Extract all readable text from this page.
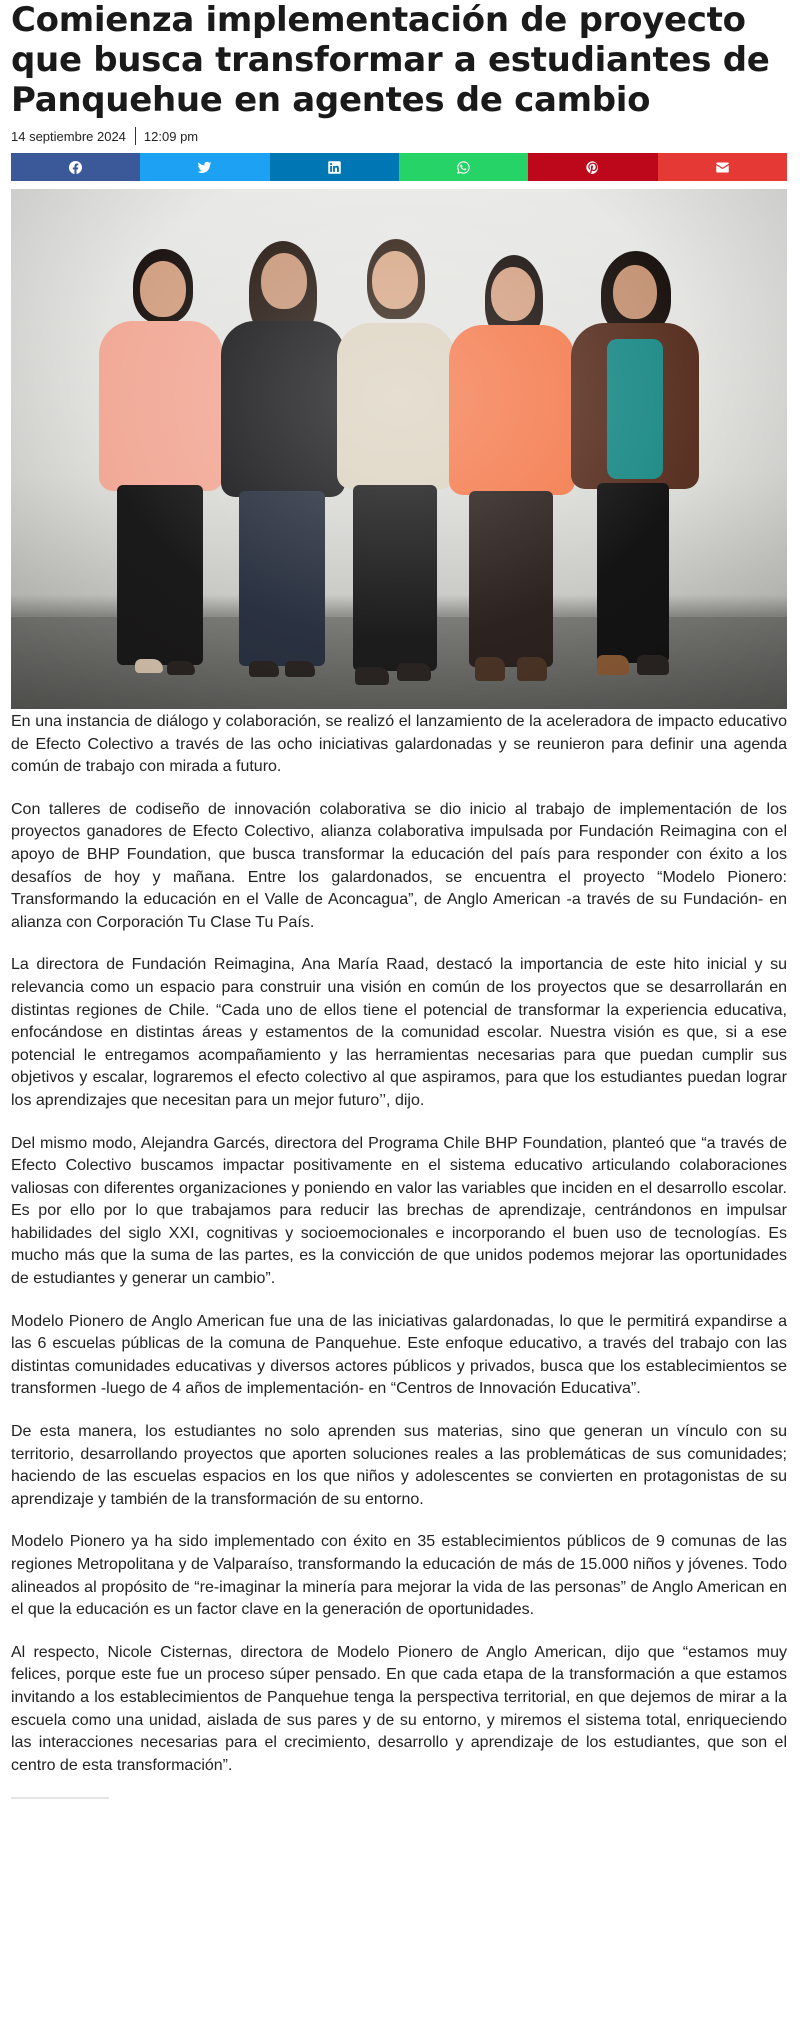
Comienza implementación de proyecto que busca transformar a estudiantes de Panquehue en agentes de cambio
14 septiembre 2024 12:09 pm

En una instancia de diálogo y colaboración, se realizó el lanzamiento de la aceleradora de impacto educativo de Efecto Colectivo a través de las ocho iniciativas galardonadas y se reunieron para definir una agenda común de trabajo con mirada a futuro.

Con talleres de codiseño de innovación colaborativa se dio inicio al trabajo de implementación de los proyectos ganadores de Efecto Colectivo, alianza colaborativa impulsada por Fundación Reimagina con el apoyo de BHP Foundation, que busca transformar la educación del país para responder con éxito a los desafíos de hoy y mañana. Entre los galardonados, se encuentra el proyecto “Modelo Pionero: Transformando la educación en el Valle de Aconcagua”, de Anglo American -a través de su Fundación- en alianza con Corporación Tu Clase Tu País.

La directora de Fundación Reimagina, Ana María Raad, destacó la importancia de este hito inicial y su relevancia como un espacio para construir una visión en común de los proyectos que se desarrollarán en distintas regiones de Chile. “Cada uno de ellos tiene el potencial de transformar la experiencia educativa, enfocándose en distintas áreas y estamentos de la comunidad escolar. Nuestra visión es que, si a ese potencial le entregamos acompañamiento y las herramientas necesarias para que puedan cumplir sus objetivos y escalar, lograremos el efecto colectivo al que aspiramos, para que los estudiantes puedan lograr los aprendizajes que necesitan para un mejor futuro’’, dijo.

Del mismo modo, Alejandra Garcés, directora del Programa Chile BHP Foundation, planteó que “a través de Efecto Colectivo buscamos impactar positivamente en el sistema educativo articulando colaboraciones valiosas con diferentes organizaciones y poniendo en valor las variables que inciden en el desarrollo escolar. Es por ello por lo que trabajamos para reducir las brechas de aprendizaje, centrándonos en impulsar habilidades del siglo XXI, cognitivas y socioemocionales e incorporando el buen uso de tecnologías. Es mucho más que la suma de las partes, es la convicción de que unidos podemos mejorar las oportunidades de estudiantes y generar un cambio”.

Modelo Pionero de Anglo American fue una de las iniciativas galardonadas, lo que le permitirá expandirse a las 6 escuelas públicas de la comuna de Panquehue. Este enfoque educativo, a través del trabajo con las distintas comunidades educativas y diversos actores públicos y privados, busca que los establecimientos se transformen -luego de 4 años de implementación- en “Centros de Innovación Educativa”.

De esta manera, los estudiantes no solo aprenden sus materias, sino que generan un vínculo con su territorio, desarrollando proyectos que aporten soluciones reales a las problemáticas de sus comunidades; haciendo de las escuelas espacios en los que niños y adolescentes se convierten en protagonistas de su aprendizaje y también de la transformación de su entorno.

Modelo Pionero ya ha sido implementado con éxito en 35 establecimientos públicos de 9 comunas de las regiones Metropolitana y de Valparaíso, transformando la educación de más de 15.000 niños y jóvenes. Todo alineados al propósito de “re-imaginar la minería para mejorar la vida de las personas” de Anglo American en el que la educación es un factor clave en la generación de oportunidades.

Al respecto, Nicole Cisternas, directora de Modelo Pionero de Anglo American, dijo que “estamos muy felices, porque este fue un proceso súper pensado. En que cada etapa de la transformación a que estamos invitando a los establecimientos de Panquehue tenga la perspectiva territorial, en que dejemos de mirar a la escuela como una unidad, aislada de sus pares y de su entorno, y miremos el sistema total, enriqueciendo las interacciones necesarias para el crecimiento, desarrollo y aprendizaje de los estudiantes, que son el centro de esta transformación”.
